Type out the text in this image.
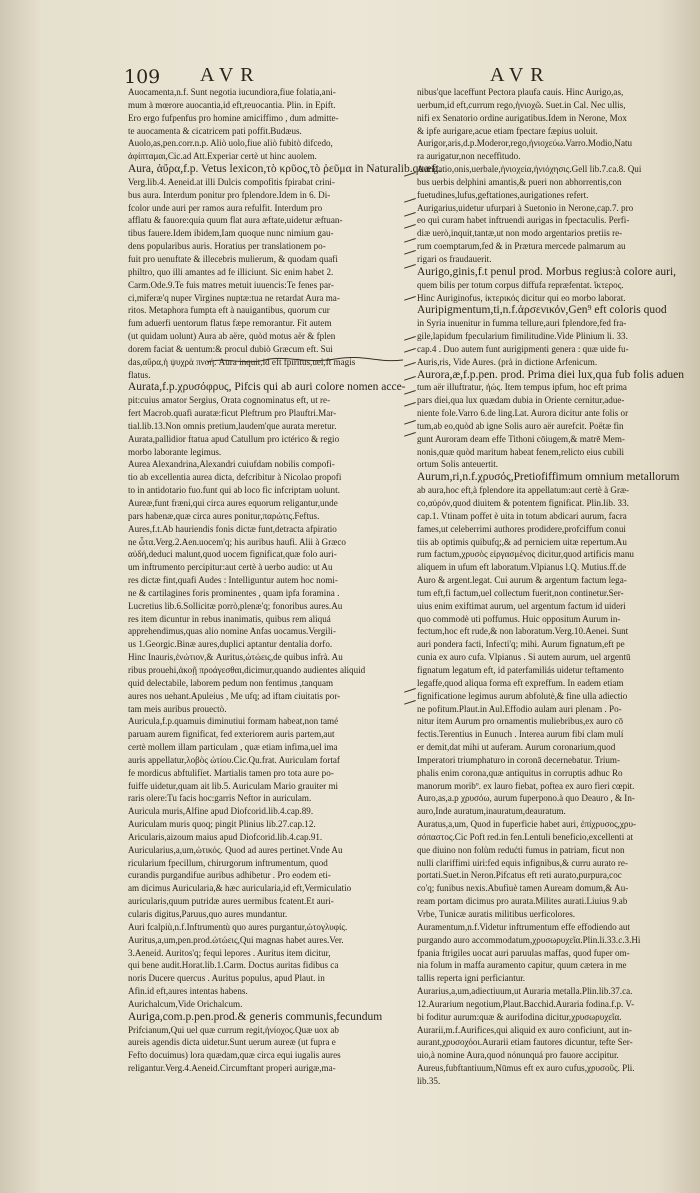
109 AVR	AVR
Auocamenta,n.f. Sunt negotia iucundiora,fiue folatia,ani-
mum à mœrore auocantia,id eft,reuocantia. Plin. in Epift.
Ero ergo fufpenfus pro homine amiciffimo , dum admitte-
te auocamenta & cicatricem pati poffit.Budæus.
Auolo,as,pen.corr.n.p. Aliò uolo,fiue aliò fubitò difcedo,
ἀφίπταμαι,Cic.ad Att.Experiar certè ut hinc auolem.
Aura, ἀὔρα,f.p. Vetus lexicon,τὸ κρῦος,τὸ ῥεῦμα in Naturalib.quæft.
Verg.lib.4. Aeneid.at illi Dulcis compofitis fpirabat crini-
bus aura. Interdum ponitur pro fplendore.Idem in 6. Di-
fcolor unde auri per ramos aura refulfit. Interdum pro
afflatu & fauore:quia quum flat aura æftate,uidetur æftuan-
tibus fauere.Idem ibidem,Iam quoque nunc nimium gau-
dens popularibus auris. Horatius per translationem po-
fuit pro uenuftate & illecebris mulierum, & quodam quafi
philtro, quo illi amantes ad fe illiciunt. Sic enim habet 2.
Carm.Ode.9.Te fuis matres metuit iuuencis:Te fenes par-
ci,miferæ'q nuper Virgines nuptæ:tua ne retardat Aura ma-
ritos. Metaphora fumpta eft à nauigantibus, quorum cur
fum aduerfi uentorum flatus fæpe remorantur. Fit autem
(ut quidam uolunt) Aura ab aëre, quòd motus aër & fplen
dorem faciat & uentum:& procul dubiò Græcum eft. Sui
das,αὔρα,ἡ ψυχρὰ πνοή. Aura inquit,id eft fpiritus,uel,ft magis
flatus.
Aurata,f.p.χρυσόφρυς, Pifcis qui ab auri colore nomen acce-
pit:cuius amator Sergius, Orata cognominatus eft, ut re-
fert Macrob.quafi auratæ:ficut Pleftrum pro Plauftri.Mar-
tial.lib.13.Non omnis pretium,laudem'que aurata meretur.
Aurata,pallidior ftatua apud Catullum pro ictérico & regio
morbo laborante legimus.
Aurea Alexandrina,Alexandri cuiufdam nobilis compofi-
tio ab excellentia aurea dicta, defcribitur à Nicolao propofi
to in antidotario fuo.funt qui ab loco fic infcriptam uolunt.
Aureæ,funt fræni,qui circa aures equorum religantur,unde
pars habenæ,quæ circa aures ponitur,παρώτις.Feftus.
Aures,f.t.Ab hauriendis fonis dictæ funt,detracta afpiratio
ne ὦτα.Verg.2.Aen.uocem'q; his auribus haufi. Alii à Græco
αὐδή,deduci malunt,quod uocem fignificat,quæ folo auri-
um inftrumento percipitur:aut certè à uerbo audio: ut Au
res dictæ fint,quafi Audes : Intelliguntur autem hoc nomi-
ne & cartilagines foris prominentes , quam ipfa foramina .
Lucretius lib.6.Sollicitæ porrò,plenæ'q; fonoribus aures.Au
res item dicuntur in rebus inanimatis, quibus rem aliquá
apprehendimus,quas alio nomine Anfas uocamus.Vergili-
us 1.Georgic.Binæ aures,duplici aptantur dentalia dorfo.
Hinc Inauris,ἐνώτιον,& Auritus,ὠτώεις,de quibus infrà. Au
ribus prouehi,ἀκοῇ προάγεσθαι,dicimur,quando audientes aliquid
quid delectabile, laborem pedum non fentimus ,tanquam
aures nos uehant.Apuleius , Me ufq; ad iftam ciuitatis por-
tam meis auribus prouectò.
Auricula,f.p.quamuis diminutiui formam habeat,non tamé
paruam aurem fignificat, fed exteriorem auris partem,aut
certè mollem illam particulam , quæ etiam infima,uel ima
auris appellatur,λοβὸς ὠτίου.Cic.Qu.frat. Auriculam fortaf
fe mordicus abftulifíet. Martialis tamen pro tota aure po-
fuiffe uidetur,quam ait lib.5. Auriculam Mario grauiter mi
raris olere:Tu facis hoc:garris Neftor in auriculam.
Auricula muris,Alfine apud Diofcorid.lib.4.cap.89.
Auriculam muris quoq; pingit Plinius lib.27.cap.12.
Aricularis,aizoum maius apud Diofcorid.lib.4.cap.91.
Auricularius,a,um,ὠτικός. Quod ad aures pertinet.Vnde Au
ricularium fpecillum, chirurgorum inftrumentum, quod
curandis purgandifue auribus adhibetur . Pro eodem eti-
am dicimus Auricularia,& hæc auricularia,id eft,Vermiculatio
auricularis,quum putridæ aures uermibus fcatent.Et auri-
cularis digitus,Paruus,quo aures mundantur.
Auri fcalpiù,n.f.Inftrumentù quo aures purgantur,ὠτογλυφίς.
Auritus,a,um,pen.prod.ὠτώεις,Qui magnas habet aures.Ver.
3.Aeneid. Auritos'q; fequi lepores . Auritus item dicitur,
qui bene audit.Horat.lib.1.Carm. Doctus auritas fidibus ca
noris Ducere quercus . Auritus populus, apud Plaut. in
Afin.id eft,aures intentas habens.
Aurichalcum,Vide Orichalcum.
Auriga,com.p.pen.prod.& generis communis,fecundum
Prifcianum,Qui uel quæ currum regit,ἡνίοχος.Quæ uox ab
aureis agendis dicta uidetur.Sunt uerum aureæ (ut fupra e
Fefto docuimus) lora quædam,quæ circa equi iugalis aures
religantur.Verg.4.Aeneid.Circumftant properi aurigæ,ma-
nibus'que laceffunt Pectora plaufa cauis. Hinc Aurigo,as,
uerbum,id eft,currum rego,ἡνιοχῶ. Suet.in Cal. Nec ullis,
nifi ex Senatorio ordine aurigatibus.Idem in Nerone, Mox
& ipfe aurigare,acue etiam fpectare fæpius uoluit.
Aurigor,aris,d.p.Moderor,rego,ἡνιοχεύω.Varro.Modio,Natu
ra aurigatur,non neceffitudo.
Aurigatio,onis,uerbale,ἡνιοχεία,ἡνιόχησις.Gell lib.7.ca.8. Qui
bus uerbis delphini amantis,& pueri non abhorrentis,con
fuetudines,lufus,geftationes,aurigationes refert.
Aurigarius,uidetur ufurpari à Suetonio in Nerone,cap.7. pro
eo qui curam habet inftruendi aurigas in fpectaculis. Perfi-
diæ uerò,inquit,tantæ,ut non modo argentarios pretiis re-
rum coemptarum,fed & in Prætura mercede palmarum au
rigari os fraudauerit.
Aurigo,ginis,f.t penul prod. Morbus regius:à colore auri,
quem bilis per totum corpus diffufa repræfentat. ἴκτερος.
Hinc Auriginofus, ἰκτερικός dicitur qui eo morbo laborat.
Auripigmentum,ti,n.f.ἀρσενικόν,Gen⁹ eft coloris quod
in Syria inuenitur in fumma tellure,auri fplendore,fed fra-
gile,lapidum fpecularium fimilitudine.Vide Plinium li. 33.
cap.4 . Duo autem funt aurigipmenti genera : quæ uide fu-
Auris,ris, Vide Aures. (prà in dictione Arfenicum.
Aurora,æ,f.p.pen. prod. Prima diei lux,qua fub folis aduen
tum aër illuftratur, ἠώς. Item tempus ipfum, hoc eft prima
pars diei,qua lux quædam dubia in Oriente cernitur,adue-
niente fole.Varro 6.de ling.Lat. Aurora dicitur ante folis or
tum,ab eo,quòd ab igne Solis auro aër aurefcit. Poëtæ fin
gunt Auroram deam effe Tithoni cōiugem,& matrē Mem-
nonis,quæ quòd maritum habeat fenem,relicto eius cubili
ortum Solis anteuertit.
Aurum,ri,n.f.χρυσός,Pretiofiffimum omnium metallorum
ab aura,hoc eft,à fplendore ita appellatum:aut certè à Græ-
co,αὐρόν,quod diuitem & potentem fignificat. Plin.lib. 33.
cap.1. Vtinam poffet è uita in totum abdicari aurum, facra
fames,ut celeberrimi authores prodidere,profciffum conui
tiis ab optimis quibufq;,& ad perniciem uitæ repertum.Au
rum factum,χρυσὸς εἰργασμένος dicitur,quod artificis manu
aliquem in ufum eft laboratum.Vlpianus l.Q. Mutius.ff.de
Auro & argent.legat. Cui aurum & argentum factum lega-
tum eft,fi factum,uel collectum fuerit,non continetur.Ser-
uius enim exiftimat aurum, uel argentum factum id uideri
quo commodè uti poffumus. Huic oppositum Aurum in-
fectum,hoc eft rude,& non laboratum.Verg.10.Aenei. Sunt
auri pondera facti, Infecti'q; mihi. Aurum fignatum,eft pe
cunia ex auro cufa. Vlpianus . Si autem aurum, uel argentū
fignatum legatum eft, id paterfamiliás uidetur teftamento
legaffe,quod aliqua forma eft expreffum. In eadem etiam
fignificatione legimus aurum abfolutè,& fine ulla adiectio
ne pofitum.Plaut.in Aul.Effodio aulam auri plenam . Po-
nitur item Aurum pro ornamentis muliebribus,ex auro cō
fectis.Terentius in Eunuch . Interea aurum fibi clam mulí
er demit,dat mihi ut auferam. Aurum coronarium,quod
Imperatori triumphaturo in coronā decernebatur. Trium-
phalis enim corona,quæ antiquitus in corruptis adhuc Ro
manorum moribº. ex lauro fiebat, poftea ex auro fieri cœpit.
Auro,as,a.p χρυσόω, aurum fuperpono.à quo Deauro , & In-
auro,Inde auratum,inauratum,deauratum.
Auratus,a,um, Quod in fuperficie habet auri, ἐπίχρυσος,χρυ-
σόπαστος.Cic Poft red.in fen.Lentuli beneficio,excellenti at
que diuino non folùm redućti fumus in patriam, ficut non
nulli clariffimi uiri:fed equis infignibus,& curru aurato re-
portati.Suet.in Neron.Pifcatus eft reti aurato,purpura,coc
co'q; funibus nexis.Abufiuè tamen Auream domum,& Au-
ream portam dicimus pro aurata.Milites aurati.Liuius 9.ab
Vrbe, Tunicæ auratis militibus uerficolores.
Auramentum,n.f.Videtur inftrumentum effe effodiendo aut
purgando auro accommodatum,χρυσωρυχεῖα.Plin.li.33.c.3.Hi
fpania ftrigiles uocat auri paruulas maffas, quod fuper om-
nia folum in maffa auramento capitur, quum cætera in me
tallis reperta igni perficiantur.
Aurarius,a,um,adiectiuum,ut Auraria metalla.Plin.lib.37.ca.
12.Aurarium negotium,Plaut.Bacchid.Auraria fodina.f.p. V-
bi foditur aurum:quæ & aurifodina dicitur,χρυσωρυχεῖα.
Aurarii,m.f.Aurifices,qui aliquid ex auro conficiunt, aut in-
aurant,χρυσοχόοι.Aurarii etiam fautores dicuntur, tefte Ser-
uio,à nomine Aura,quod nónunquá pro fauore accipitur.
Aureus,fubftantiuum,Nūmus eft ex auro cufus,χρυσοῦς. Pli.
lib.35.
